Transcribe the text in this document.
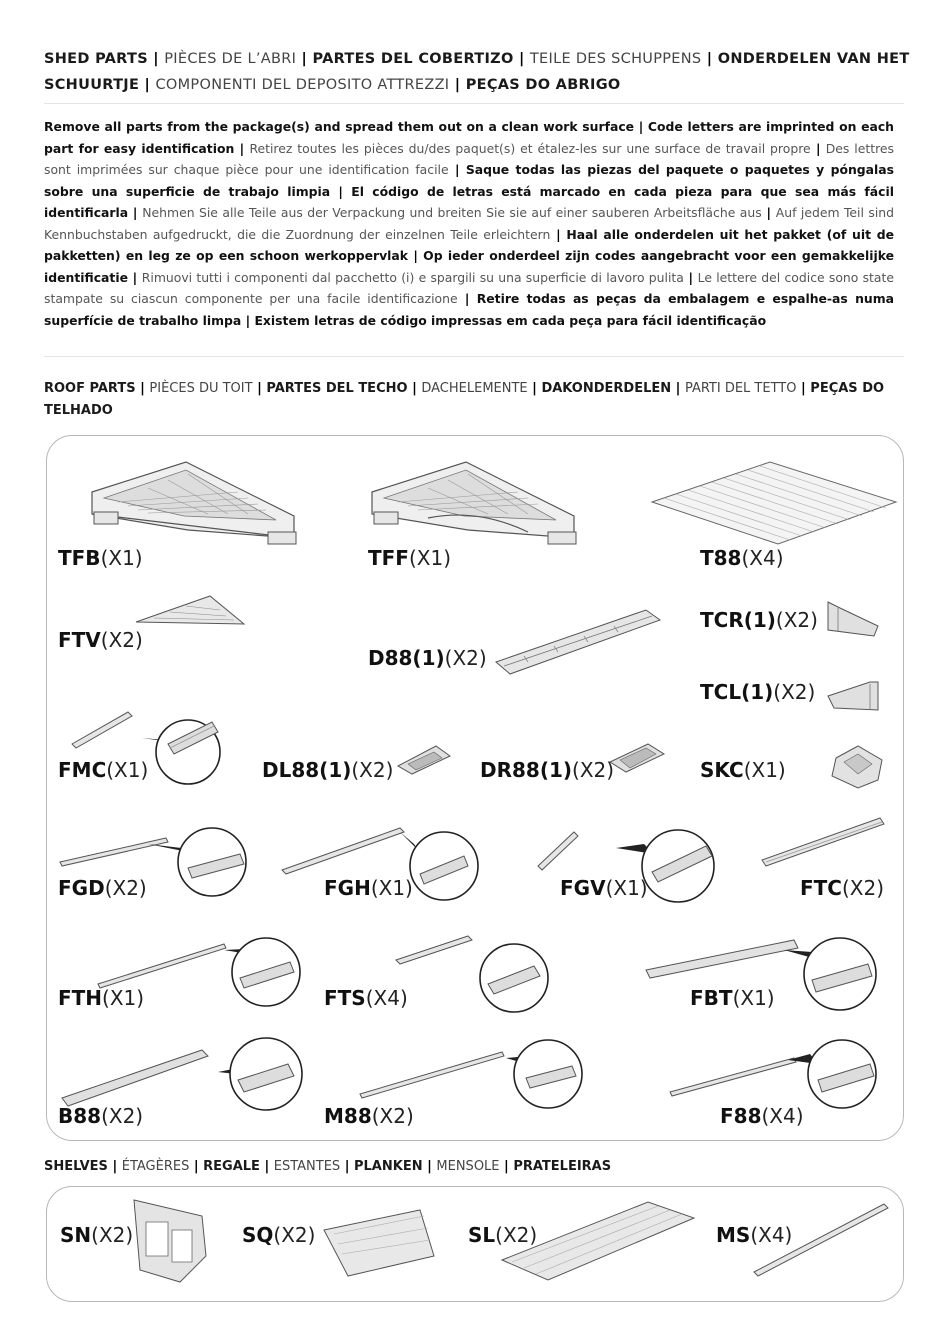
SHED PARTS | PIÈCES DE L’ABRI | PARTES DEL COBERTIZO | TEILE DES SCHUPPENS | ONDERDELEN VAN HET SCHUURTJE | COMPONENTI DEL DEPOSITO ATTREZZI | PEÇAS DO ABRIGO
Remove all parts from the package(s) and spread them out on a clean work surface | Code letters are imprinted on each part for easy identification | Retirez toutes les pièces du/des paquet(s) et étalez-les sur une surface de travail propre | Des lettres sont imprimées sur chaque pièce pour une identification facile | Saque todas las piezas del paquete o paquetes y póngalas sobre una superficie de trabajo limpia | El código de letras está marcado en cada pieza para que sea más fácil identificarla | Nehmen Sie alle Teile aus der Verpackung und breiten Sie sie auf einer sauberen Arbeitsfläche aus | Auf jedem Teil sind Kennbuchstaben aufgedruckt, die die Zuordnung der einzelnen Teile erleichtern | Haal alle onderdelen uit het pakket (of uit de pakketten) en leg ze op een schoon werkoppervlak | Op ieder onderdeel zijn codes aangebracht voor een gemakkelijke identificatie | Rimuovi tutti i componenti dal pacchetto (i) e spargili su una superficie di lavoro pulita | Le lettere del codice sono state stampate su ciascun componente per una facile identificazione | Retire todas as peças da embalagem e espalhe-as numa superfície de trabalho limpa | Existem letras de código impressas em cada peça para fácil identificação
ROOF PARTS | PIÈCES DU TOIT | PARTES DEL TECHO | DACHELEMENTE | DAKONDERDELEN | PARTI DEL TETTO | PEÇAS DO TELHADO
TFB(X1)	TFF(X1)	T88(X4)
FTV(X2)
D88(1)(X2)
TCR(1)(X2)
TCL(1)(X2)
FMC(X1)	DL88(1)(X2)	DR88(1)(X2)	SKC(X1)
FGD(X2)	FGH(X1)	FGV(X1)	FTC(X2)
FTH(X1)	FTS(X4)	FBT(X1)
B88(X2)	M88(X2)	F88(X4)
SHELVES | ÉTAGÈRES | REGALE | ESTANTES | PLANKEN | MENSOLE | PRATELEIRAS
SN(X2)	SQ(X2)	SL(X2)	MS(X4)
